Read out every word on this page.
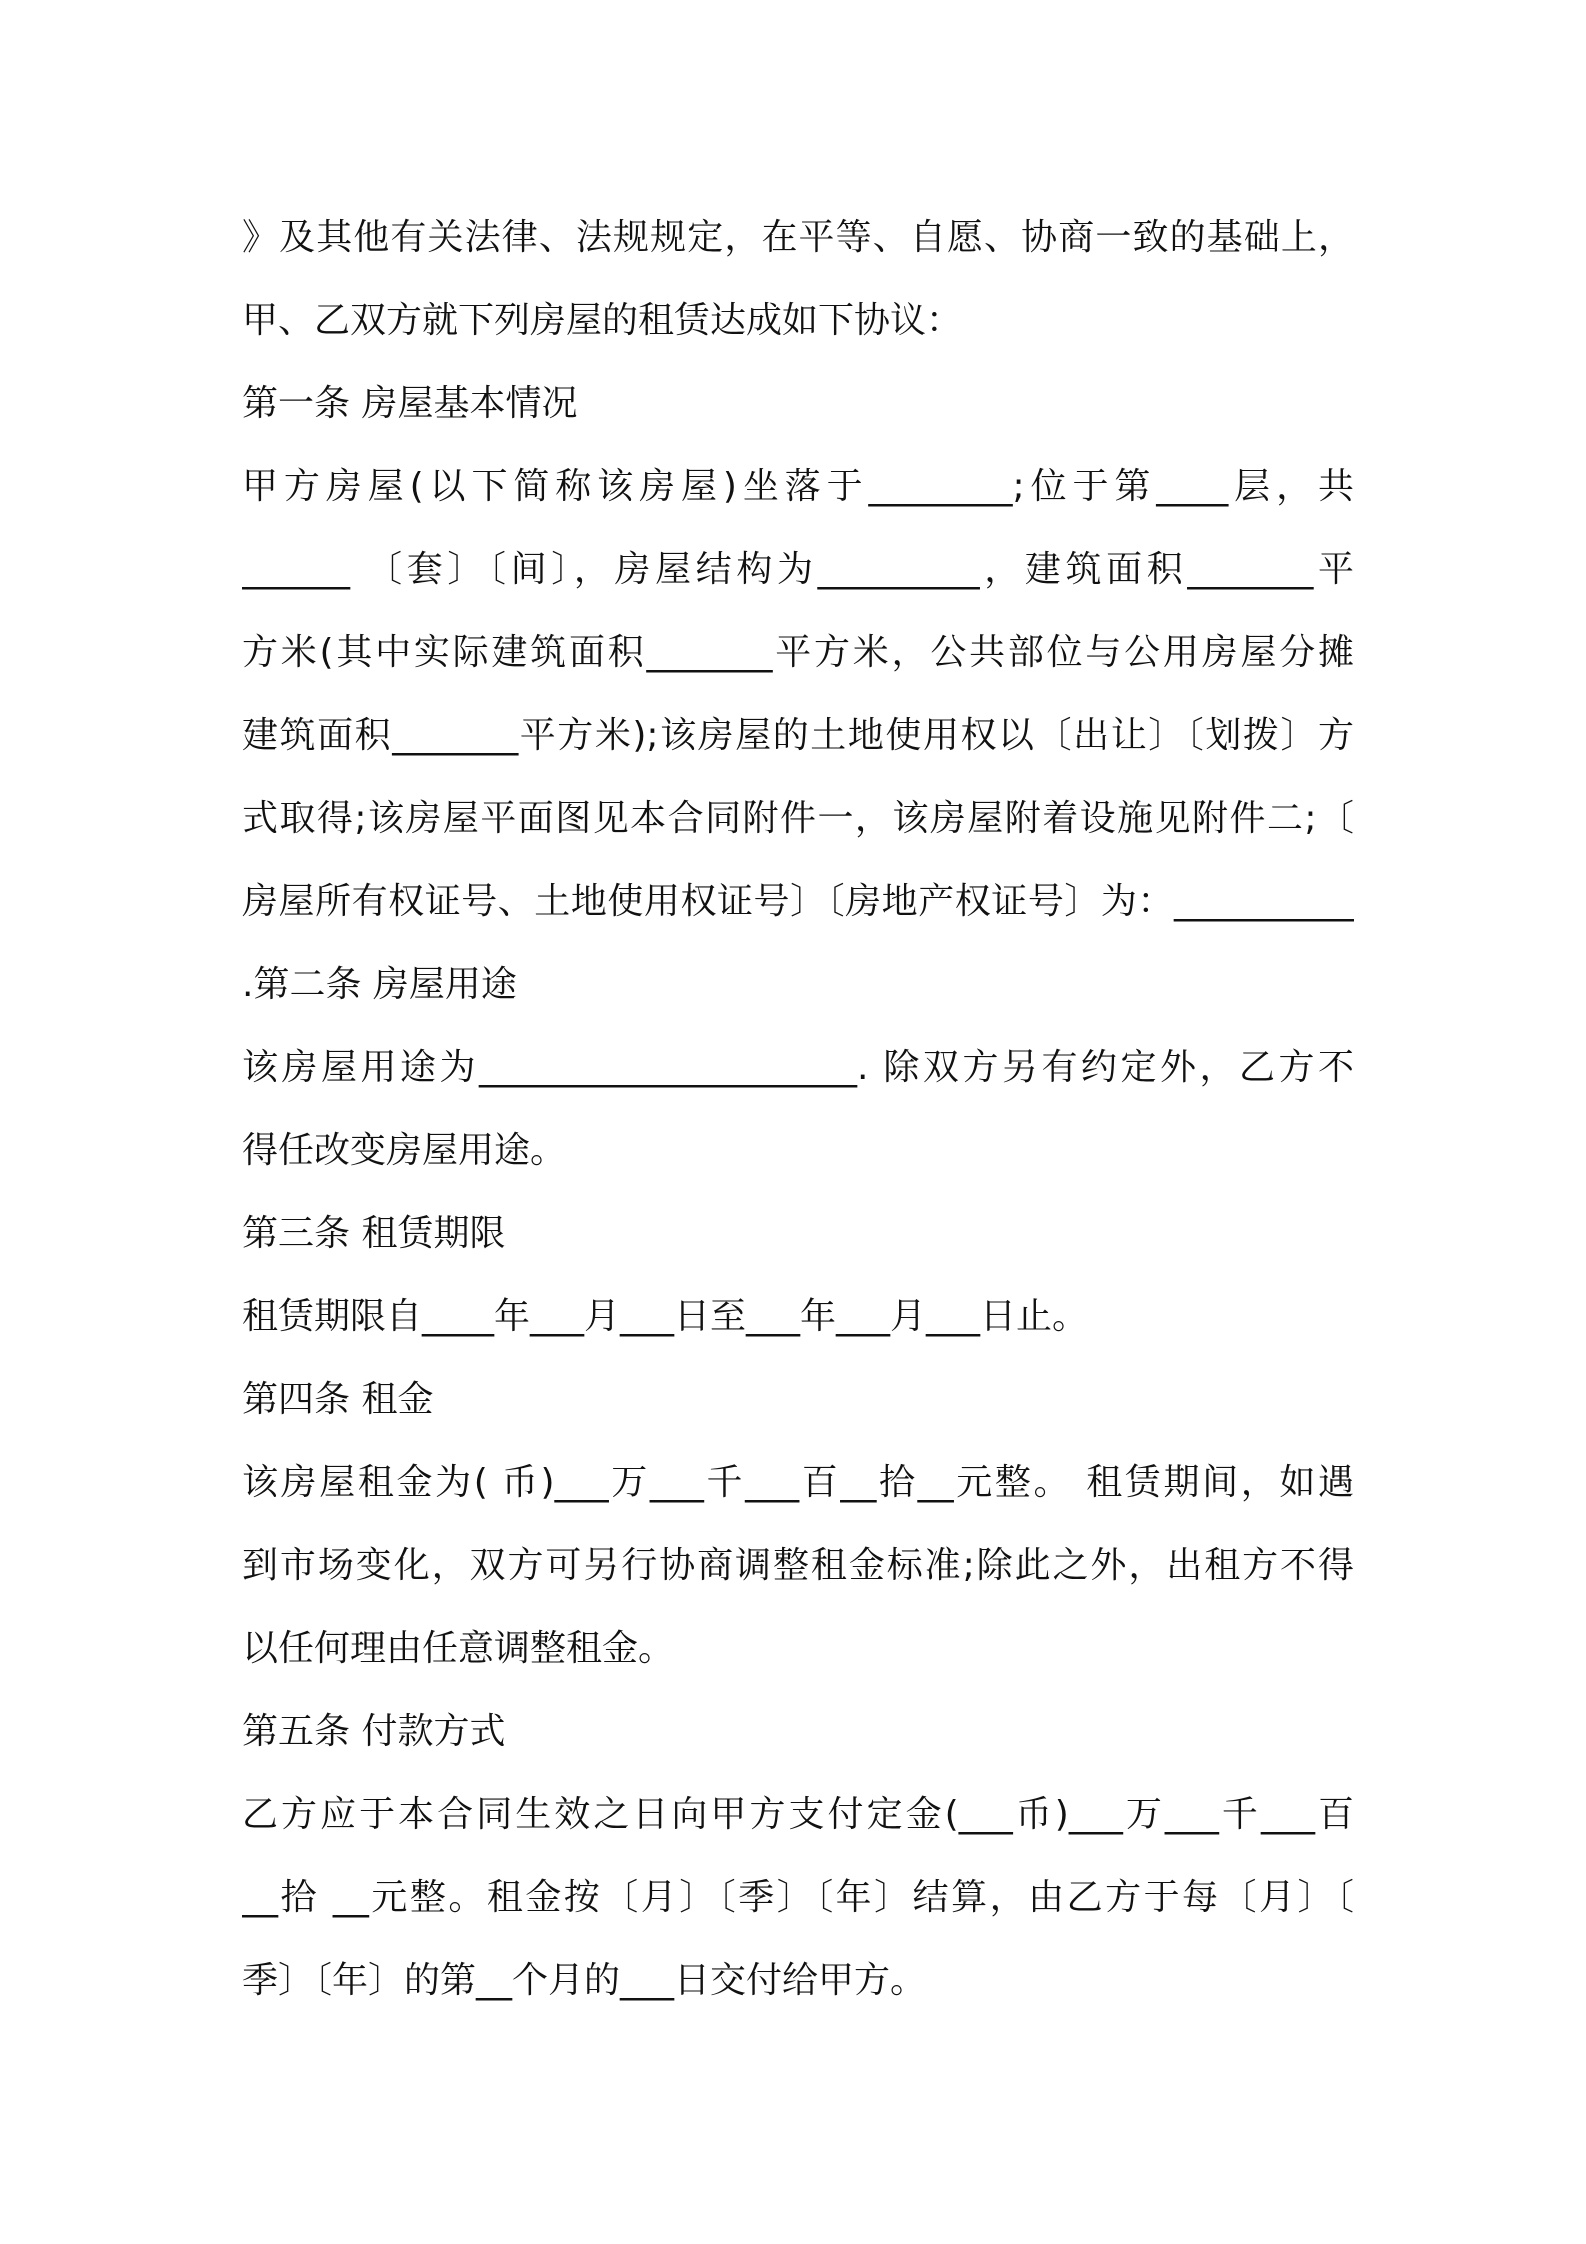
》及其他有关法律、法规规定，在平等、自愿、协商一致的基础上，
甲、乙双方就下列房屋的租赁达成如下协议：
第一条 房屋基本情况
甲方房屋(以下简称该房屋)坐落于________;位于第____层，共
______ 〔套〕〔间〕，房屋结构为_________，建筑面积_______平
方米(其中实际建筑面积_______平方米，公共部位与公用房屋分摊
建筑面积_______平方米);该房屋的土地使用权以〔出让〕〔划拨〕方
式取得;该房屋平面图见本合同附件一，该房屋附着设施见附件二;〔
房屋所有权证号、土地使用权证号〕〔房地产权证号〕为：__________
.第二条 房屋用途
该房屋用途为_____________________. 除双方另有约定外，乙方不
得任改变房屋用途。
第三条 租赁期限
租赁期限自____年___月___日至___年___月___日止。
第四条 租金
该房屋租金为( 币)___万___千___百__拾__元整。 租赁期间，如遇
到市场变化，双方可另行协商调整租金标准;除此之外，出租方不得
以任何理由任意调整租金。
第五条 付款方式
乙方应于本合同生效之日向甲方支付定金(___币)___万___千___百
__拾 __元整。租金按〔月〕〔季〕〔年〕结算，由乙方于每〔月〕〔
季〕〔年〕的第__个月的___日交付给甲方。
